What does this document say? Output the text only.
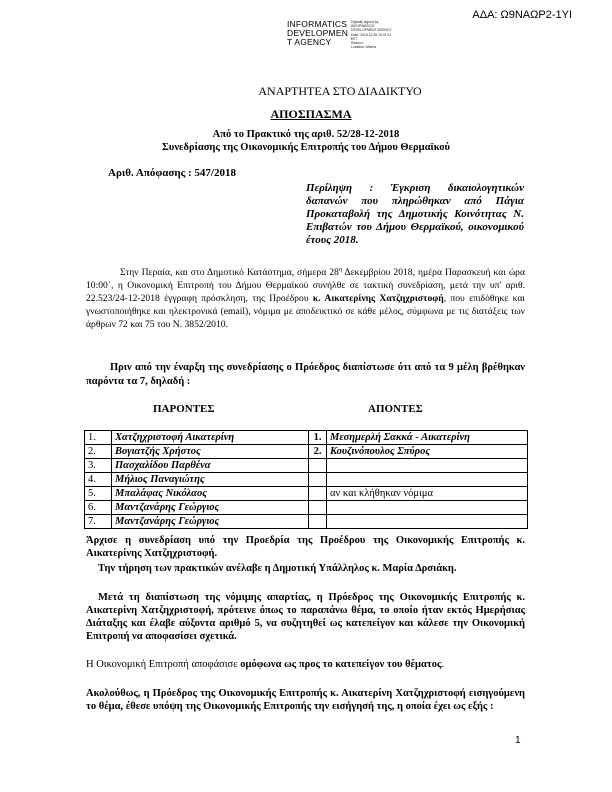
ΑΔΑ: Ω9ΝΑΩΡ2-1ΥΙ
INFORMATICS
DEVELOPMEN
T AGENCY
Digitally signed by
INFORMATICS
DEVELOPMENT AGENCY
Date: 2018.12.28 15:37:21
EET
Reason:
Location: Athens
ΑΝΑΡΤΗΤΕΑ ΣΤΟ ΔΙΑΔΙΚΤΥΟ
ΑΠΟΣΠΑΣΜΑ
Από το Πρακτικό της αριθ. 52/28-12-2018
Συνεδρίασης της Οικονομικής Επιτροπής του Δήμου Θερμαϊκού
Αριθ. Απόφασης : 547/2018
Περίληψη : Έγκριση δικαιολογητικών δαπανών που πληρώθηκαν από Πάγια Προκαταβολή της Δημοτικής Κοινότητας Ν. Επιβατών του Δήμου Θερμαϊκού, οικονομικού έτους 2018.
Στην Περαία, και στο Δημοτικό Κατάστημα, σήμερα $28^\eta$ Δεκεμβρίου 2018, ημέρα Παρασκευή και ώρα 10:00΄, η Οικονομική Επιτροπή του Δήμου Θερμαϊκού συνήλθε σε τακτική συνεδρίαση, μετά την υπ' αριθ. 22.523/24-12-2018 έγγραφη πρόσκληση, της Προέδρου κ. Αικατερίνης Χατζηχριστοφή, που επιδόθηκε και γνωστοποιήθηκε και ηλεκτρονικά (email), νόμιμα με αποδεικτικό σε κάθε μέλος, σύμφωνα με τις διατάξεις των άρθρων 72 και 75 του Ν. 3852/2010.
Πριν από την έναρξη της συνεδρίασης ο Πρόεδρος διαπίστωσε ότι από τα 9 μέλη βρέθηκαν παρόντα τα 7, δηλαδή :
ΠΑΡΟΝΤΕΣ	ΑΠΟΝΤΕΣ
1.	Χατζηχριστοφή Αικατερίνη	1.	Μεσημερλή Σακκά - Αικατερίνη
2.	Βογιατζής Χρήστος	2.	Κουζινόπουλος Σπύρος
3.	Πασχαλίδου Παρθένα		
4.	Μήλιος Παναγιώτης		
5.	Μπαλάφας Νικόλαος		αν και κλήθηκαν νόμιμα
6.	Μαντζανάρης Γεώργιος		
7.	Μαντζανάρης Γεώργιος		
Άρχισε η συνεδρίαση υπό την Προεδρία της Προέδρου της Οικονομικής Επιτροπής κ. Αικατερίνης Χατζηχριστοφή.
Την τήρηση των πρακτικών ανέλαβε η Δημοτική Υπάλληλος κ. Μαρία Δρσιάκη.
Μετά τη διαπίστωση της νόμιμης απαρτίας, η Πρόεδρος της Οικονομικής Επιτροπής κ. Αικατερίνη Χατζηχριστοφή, πρότεινε όπως το παραπάνω θέμα, το οποίο ήταν εκτός Ημερήσιας Διάταξης και έλαβε αύξοντα αριθμό 5, να συζητηθεί ως κατεπείγον και κάλεσε την Οικονομική Επιτροπή να αποφασίσει σχετικά.
Η Οικονομική Επιτροπή αποφάσισε ομόφωνα ως προς το κατεπείγον του θέματος.
Ακολούθως, η Πρόεδρος της Οικονομικής Επιτροπής κ. Αικατερίνη Χατζηχριστοφή εισηγούμενη το θέμα, έθεσε υπόψη της Οικονομικής Επιτροπής την εισήγησή της, η οποία έχει ως εξής :
1
